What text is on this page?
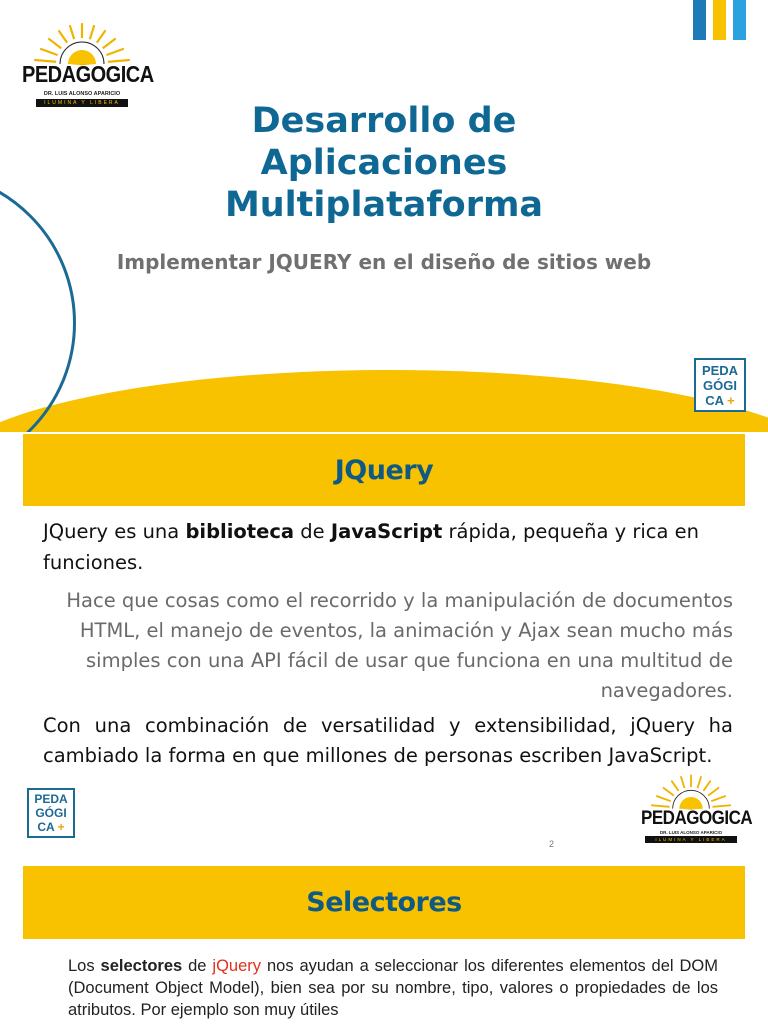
PEDAGOGICA
DR. LUIS ALONSO APARICIO
ILUMINA Y LIBERA	Desarrollo de
Aplicaciones
Multiplataforma
Implementar JQUERY en el diseño de sitios web
PEDA
GÓGI
CA +
JQuery
JQuery es una biblioteca de JavaScript rápida, pequeña y rica en funciones.
Hace que cosas como el recorrido y la manipulación de documentos HTML, el manejo de eventos, la animación y Ajax sean mucho más simples con una API fácil de usar que funciona en una multitud de navegadores.
Con una combinación de versatilidad y extensibilidad, jQuery ha cambiado la forma en que millones de personas escriben JavaScript.
PEDA
GÓGI
CA +
2
PEDAGOGICA
DR. LUIS ALONSO APARICIO
ILUMINA Y LIBERA
Selectores
Los selectores de jQuery nos ayudan a seleccionar los diferentes elementos del DOM (Document Object Model), bien sea por su nombre, tipo, valores o propiedades de los atributos. Por ejemplo son muy útiles
